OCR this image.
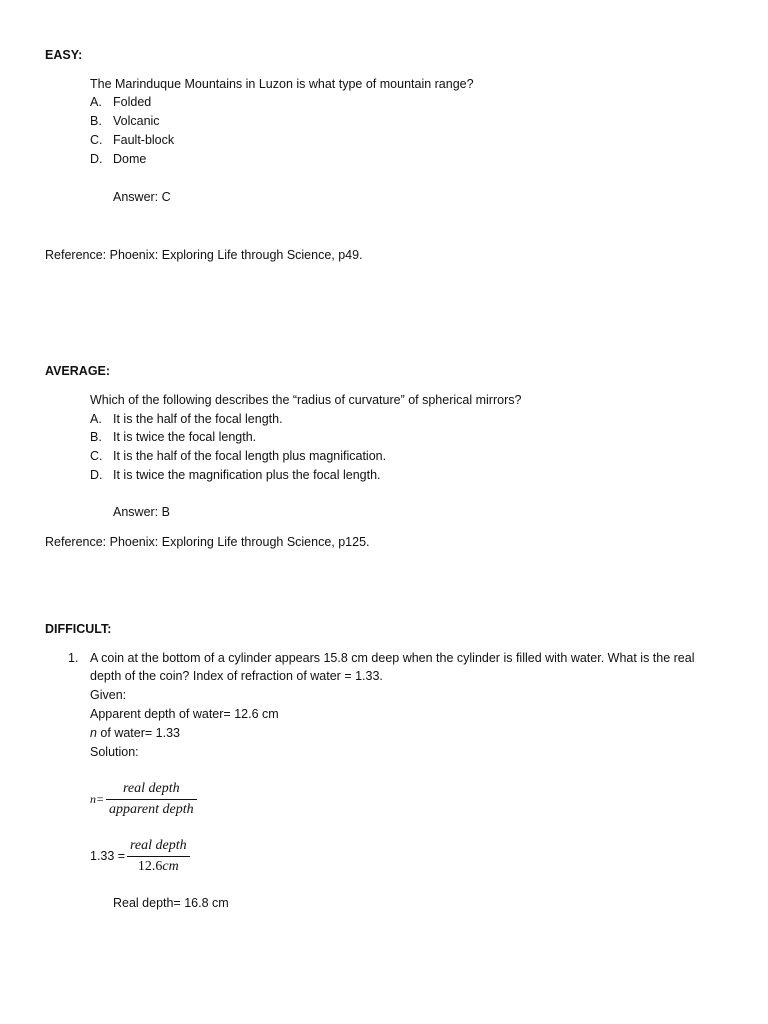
EASY:
The Marinduque Mountains in Luzon is what type of mountain range?
A. Folded
B. Volcanic
C. Fault-block
D. Dome
Answer: C
Reference: Phoenix: Exploring Life through Science, p49.
AVERAGE:
Which of the following describes the “radius of curvature” of spherical mirrors?
A. It is the half of the focal length.
B. It is twice the focal length.
C. It is the half of the focal length plus magnification.
D. It is twice the magnification plus the focal length.
Answer: B
Reference: Phoenix: Exploring Life through Science, p125.
DIFFICULT:
1. A coin at the bottom of a cylinder appears 15.8 cm deep when the cylinder is filled with water. What is the real
depth of the coin? Index of refraction of water = 1.33.
Given:
Apparent depth of water= 12.6 cm
n of water= 1.33
Solution:
n=
real depth
apparent depth
1.33 =
real depth
12.6cm
Real depth= 16.8 cm
